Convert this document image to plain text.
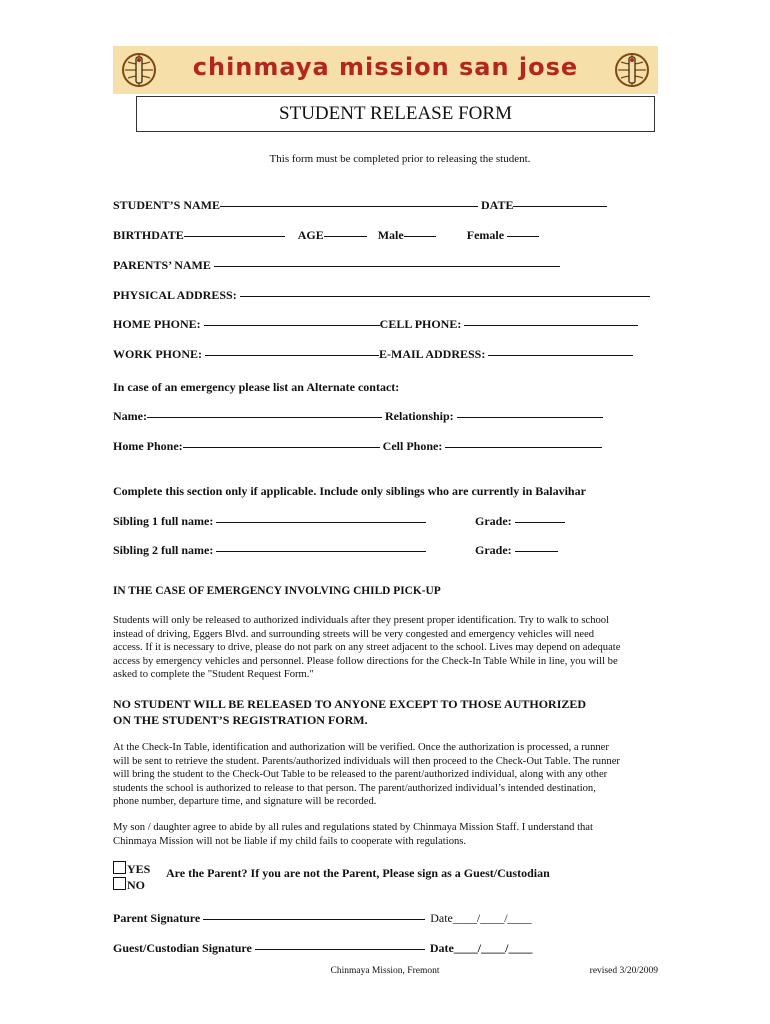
chinmaya mission san jose
STUDENT RELEASE FORM
This form must be completed prior to releasing the student.
STUDENT’S NAME	DATE
BIRTHDATE	AGE	Male	Female
PARENTS’ NAME
PHYSICAL ADDRESS:
HOME PHONE:	CELL PHONE:
WORK PHONE:	E-MAIL ADDRESS:
In case of an emergency please list an Alternate contact:
Name:	Relationship:
Home Phone:	Cell Phone:
Complete this section only if applicable. Include only siblings who are currently in Balavihar
Sibling 1 full name:	Grade:
Sibling 2 full name:	Grade:
IN THE CASE OF EMERGENCY INVOLVING CHILD PICK-UP
Students will only be released to authorized individuals after they present proper identification. Try to walk to school
instead of driving, Eggers Blvd. and surrounding streets will be very congested and emergency vehicles will need
access. If it is necessary to drive, please do not park on any street adjacent to the school. Lives may depend on adequate
access by emergency vehicles and personnel. Please follow directions for the Check-In Table While in line, you will be
asked to complete the "Student Request Form."
NO STUDENT WILL BE RELEASED TO ANYONE EXCEPT TO THOSE AUTHORIZED
ON THE STUDENT’S REGISTRATION FORM.
At the Check-In Table, identification and authorization will be verified. Once the authorization is processed, a runner
will be sent to retrieve the student. Parents/authorized individuals will then proceed to the Check-Out Table. The runner
will bring the student to the Check-Out Table to be released to the parent/authorized individual, along with any other
students the school is authorized to release to that person. The parent/authorized individual’s intended destination,
phone number, departure time, and signature will be recorded.
My son / daughter agree to abide by all rules and regulations stated by Chinmaya Mission Staff. I understand that
Chinmaya Mission will not be liable if my child fails to cooperate with regulations.
YES
NO
Are the Parent? If you are not the Parent, Please sign as a Guest/Custodian
Parent Signature	Date____/____/____
Guest/Custodian Signature	Date____/____/____
Chinmaya Mission, Fremont	revised 3/20/2009
